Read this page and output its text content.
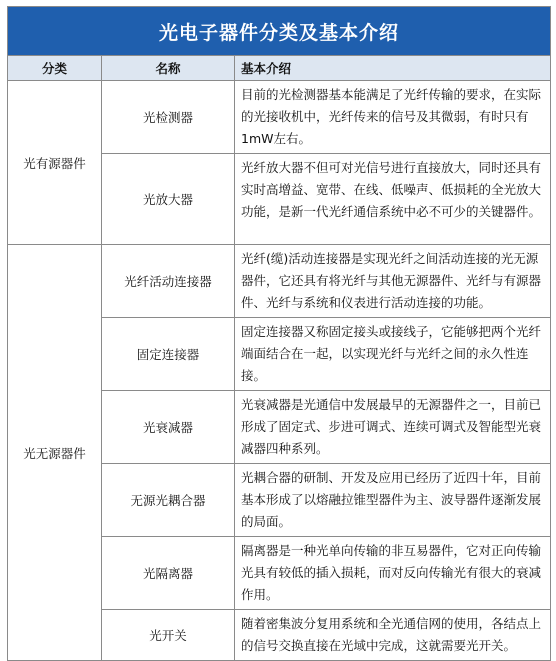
光电子器件分类及基本介绍		
分类	名称	基本介绍
光有源器件	光检测器	目前的光检测器基本能满足了光纤传输的要求，在实际的光接收机中，光纤传来的信号及其微弱，有时只有1mW左右。
	光放大器	光纤放大器不但可对光信号进行直接放大，同时还具有实时高增益、宽带、在线、低噪声、低损耗的全光放大功能，是新一代光纤通信系统中必不可少的关键器件。
光无源器件	光纤活动连接器	光纤(缆)活动连接器是实现光纤之间活动连接的光无源器件，它还具有将光纤与其他无源器件、光纤与有源器件、光纤与系统和仪表进行活动连接的功能。
	固定连接器	固定连接器又称固定接头或接线子，它能够把两个光纤端面结合在一起，以实现光纤与光纤之间的永久性连接。
	光衰减器	光衰减器是光通信中发展最早的无源器件之一，目前已形成了固定式、步进可调式、连续可调式及智能型光衰减器四种系列。
	无源光耦合器	光耦合器的研制、开发及应用已经历了近四十年，目前基本形成了以熔融拉锥型器件为主、波导器件逐渐发展的局面。
	光隔离器	隔离器是一种光单向传输的非互易器件，它对正向传输光具有较低的插入损耗，而对反向传输光有很大的衰减作用。
	光开关	随着密集波分复用系统和全光通信网的使用，各结点上的信号交换直接在光域中完成，这就需要光开关。
